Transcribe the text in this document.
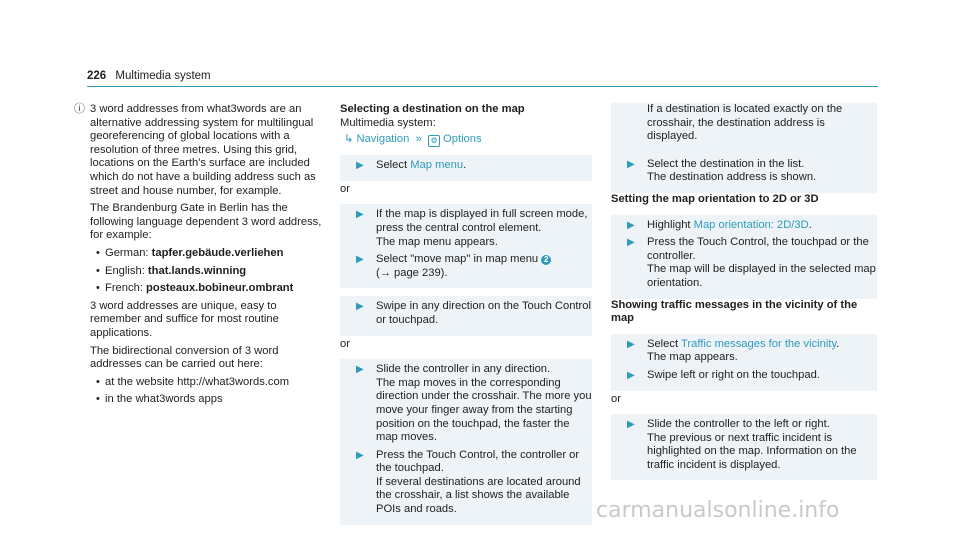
226 Multimedia system
ⓘ 3 word addresses from what3words are an alternative addressing system for multilingual georeferencing of global locations with a resolution of three metres. Using this grid, locations on the Earth's surface are included which do not have a building address such as street and house number, for example.

The Brandenburg Gate in Berlin has the following language dependent 3 word address, for example:

• German: tapfer.gebäude.verliehen
• English: that.lands.winning
• French: posteaux.bobineur.ombrant

3 word addresses are unique, easy to remember and suffice for most routine applications.

The bidirectional conversion of 3 word addresses can be carried out here:

• at the website http://what3words.com
• in the what3words apps

Selecting a destination on the map

Multimedia system:

↳ Navigation  »  ⚙ Options
▶	Select Map menu.

or

▶	If the map is displayed in full screen mode, press the central control element.

The map menu appears.

▶	Select "move map" in map menu 2

(→ page 239).

▶	Swipe in any direction on the Touch Control or touchpad.

or

▶	Slide the controller in any direction.

The map moves in the corresponding direction under the crosshair. The more you move your finger away from the starting position on the touchpad, the faster the map moves.

▶	Press the Touch Control, the controller or the touchpad.

If several destinations are located around the crosshair, a list shows the available POIs and roads.

If a destination is located exactly on the crosshair, the destination address is displayed.

▶	Select the destination in the list.

The destination address is shown.

Setting the map orientation to 2D or 3D

▶	Highlight Map orientation: 2D/3D.
▶	Press the Touch Control, the touchpad or the controller.

The map will be displayed in the selected map orientation.

Showing traffic messages in the vicinity of the map

▶	Select Traffic messages for the vicinity.

The map appears.

▶	Swipe left or right on the touchpad.

or

▶	Slide the controller to the left or right.

The previous or next traffic incident is highlighted on the map. Information on the traffic incident is displayed.

carmanualsonline.info
